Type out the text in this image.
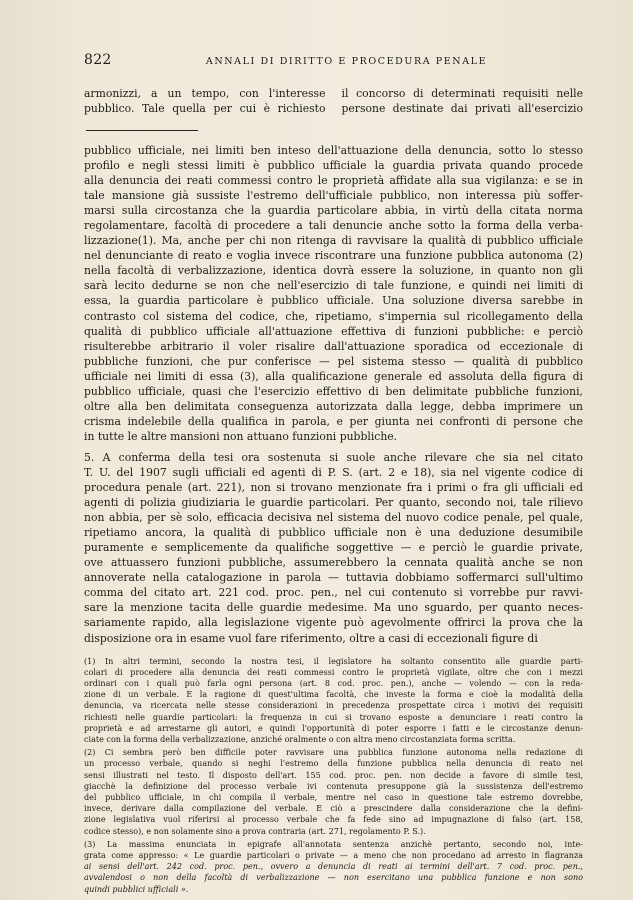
822	ANNALI DI DIRITTO E PROCEDURA PENALE
armonizzi, a un tempo, con l'interesse
pubblico. Tale quella per cui è richiesto
il concorso di determinati requisiti nelle
persone destinate dai privati all'esercizio
pubblico ufficiale, nei limiti ben inteso dell'attuazione della denuncia, sotto lo stesso
profilo e negli stessi limiti è pubblico ufficiale la guardia privata quando procede
alla denuncia dei reati commessi contro le proprietà affidate alla sua vigilanza: e se in
tale mansione già sussiste l'estremo dell'ufficiale pubblico, non interessa più soffer-
marsi sulla circostanza che la guardia particolare abbia, in virtù della citata norma
regolamentare, facoltà di procedere a tali denuncie anche sotto la forma della verba-
lizzazione(1). Ma, anche per chi non ritenga di ravvisare la qualità di pubblico ufficiale
nel denunciante di reato e voglia invece riscontrare una funzione pubblica autonoma (2)
nella facoltà di verbalizzazione, identica dovrà essere la soluzione, in quanto non gli
sarà lecito dedurne se non che nell'esercizio di tale funzione, e quindi nei limiti di
essa, la guardia particolare è pubblico ufficiale. Una soluzione diversa sarebbe in
contrasto col sistema del codice, che, ripetiamo, s'impernia sul ricollegamento della
qualità di pubblico ufficiale all'attuazione effettiva di funzioni pubbliche: e perciò
risulterebbe arbitrario il voler risalire dall'attuazione sporadica od eccezionale di
pubbliche funzioni, che pur conferisce — pel sistema stesso — qualità di pubblico
ufficiale nei limiti di essa (3), alla qualificazione generale ed assoluta della figura di
pubblico ufficiale, quasi che l'esercizio effettivo di ben delimitate pubbliche funzioni,
oltre alla ben delimitata conseguenza autorizzata dalla legge, debba imprimere un
crisma indelebile della qualifica in parola, e per giunta nei confronti di persone che
in tutte le altre mansioni non attuano funzioni pubbliche.
5. A conferma della tesi ora sostenuta si suole anche rilevare che sia nel citato
T. U. del 1907 sugli ufficiali ed agenti di P. S. (art. 2 e 18), sia nel vigente codice di
procedura penale (art. 221), non si trovano menzionate fra i primi o fra gli ufficiali ed
agenti di polizia giudiziaria le guardie particolari. Per quanto, secondo noi, tale rilievo
non abbia, per sè solo, efficacia decisiva nel sistema del nuovo codice penale, pel quale,
ripetiamo ancora, la qualità di pubblico ufficiale non è una deduzione desumibile
puramente e semplicemente da qualifiche soggettive — e perciò le guardie private,
ove attuassero funzioni pubbliche, assumerebbero la cennata qualità anche se non
annoverate nella catalogazione in parola — tuttavia dobbiamo soffermarci sull'ultimo
comma del citato art. 221 cod. proc. pen., nel cui contenuto si vorrebbe pur ravvi-
sare la menzione tacita delle guardie medesime. Ma uno sguardo, per quanto neces-
sariamente rapido, alla legislazione vigente può agevolmente offrirci la prova che la
disposizione ora in esame vuol fare riferimento, oltre a casi di eccezionali figure di
(1) In altri termini, secondo la nostra tesi, il legislatore ha soltanto consentito alle guardie parti-
colari di procedere alla denuncia dei reati commessi contro le proprietà vigilate, oltre che con i mezzi
ordinari con i quali può farla ogni persona (art. 8 cod. proc. pen.), anche — volendo — con la reda-
zione di un verbale. E la ragione di quest'ultima facoltà, che investe la forma e cioè la modalità della
denuncia, va ricercata nelle stesse considerazioni in precedenza prospettate circa i motivi dei requisiti
richiesti nelle guardie particolari: la frequenza in cui si trovano esposte a denunciare i reati contro la
proprietà e ad arrestarne gli autori, e quindi l'opportunità di poter esporre i fatti e le circostanze denun-
ciate con la forma della verbalizzazione, anziché oralmente o con altra meno circostanziata forma scritta.
(2) Ci sembra però ben difficile poter ravvisare una pubblica funzione autonoma nella redazione di
un processo verbale, quando si neghi l'estremo della funzione pubblica nella denuncia di reato nei
sensi illustrati nel testo. Il disposto dell'art. 155 cod. proc. pen. non decide a favore di simile tesi,
giacchè la definizione del processo verbale ivi contenuta presuppone già la sussistenza dell'estremo
del pubblico ufficiale, in chi compila il verbale, mentre nel caso in questione tale estremo dovrebbe,
invece, derivare dalla compilazione del verbale. E ciò a prescindere dalla considerazione che la defini-
zione legislativa vuol riferirsi al processo verbale che fa fede sino ad impugnazione di falso (art. 158,
codice stesso), e non solamente sino a prova contraria (art. 271, regolamento P. S.).
(3) La massima enunciata in epigrafe all'annotata sentenza anzichè pertanto, secondo noi, inte-
grata come appresso: « Le guardie particolari o private — a meno che non procedano ad arresto in flagranza
ai sensi dell'art. 242 cod. proc. pen., ovvero a denuncia di reati ai termini dell'art. 7 cod. proc. pen.,
avvalendosi o non della facoltà di verbalizzazione — non esercitano una pubblica funzione e non sono
quindi pubblici ufficiali ».
